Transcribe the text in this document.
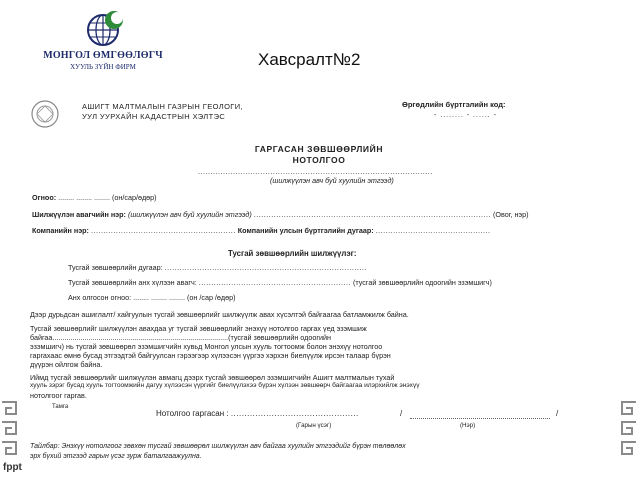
МОНГОЛ ӨМГӨӨЛӨГЧ
ХУУЛЬ ЗҮЙН ФИРМ	Хавсралт№2
АШИГТ МАЛТМАЛЫН ГАЗРЫН ГЕОЛОГИ,
УУЛ УУРХАЙН КАДАСТРЫН ХЭЛТЭС
Өргөдлийн бүртгэлийн код:
- ........ - ...... -
ГАРГАСАН ЗӨВШӨӨРЛИЙН
НОТОЛГОО
..............................................................................................
(шилжүүлэн авч буй хуулийн этгээд)
Огноо: ........ ........ ........ (он/сар/өдөр)
Шилжүүлэн авагчийн нэр: (шилжүүлэн авч буй хуулийн этгээд) ............................................................................................... (Овог, нэр)
Компанийн нэр: .......................................................... Компанийн улсын бүртгэлийн дугаар: ..............................................
Тусгай зөвшөөрлийн шилжүүлэг:
Тусгай зөвшөөрлийн дугаар: .................................................................................
Тусгай зөвшөөрлийн анх хүлээн авагч: ............................................................. (тусгай зөвшөөрлийн одоогийн эзэмшигч)
Анх олгосон огноо: ........ ........ ........ (он /сар /өдөр)
Дээр дурьдсан ашиглалт/ хайгуулын тусгай зөвшөөрлийг шилжүүлж авах хүсэлтэй байгаагаа батламжилж байна.
Тусгай зөвшөөрлийг шилжүүлэн авахдаа уг тусгай зөвшөөрлийг энэхүү нотолгоо гаргах үед эзэмшиж
байгаа........................................................................................(тусгай зөвшөөрлийн одоогийн
эзэмшигч) нь тусгай зөвшөөрөл эзэмшигчийн хувьд Монгол улсын хууль тогтоомж болон энэхүү нотолгоо
гаргахаас өмнө бусад этгээдтэй байгуулсан гэрээгээр хүлээсэн үүргээ хэрхэн биелүүлж ирсэн талаар бүрэн
дүүрэн ойлгож байна.
Иймд тусгай зөвшөөрлийг шилжүүлэн авмагц дээрх тусгай зөвшөөрөл эзэмшигчийн Ашигт малтмалын тухай
хууль зэрэг бусад хууль тогтоомжийн дагуу хүлээсэн үүргийг биелүүлэхээ бүрэн хүлээн зөвшөөрч байгаагаа илэрхийлж энэхүү
нотолгоог гаргав.
Тамга
Нотолгоо гаргасан : ...............................................	/	/
(Гарын үсэг)	(Нэр)
Тайлбар: Энэхүү нотолгоог зөвхөн тусгай зөвшөөрөл шилжүүлэн авч байгаа хуулийн этгээдийг бүрэн төлөөлөх
эрх бүхий этгээд гарын үсэг зурж баталгаажуулна.
fppt
